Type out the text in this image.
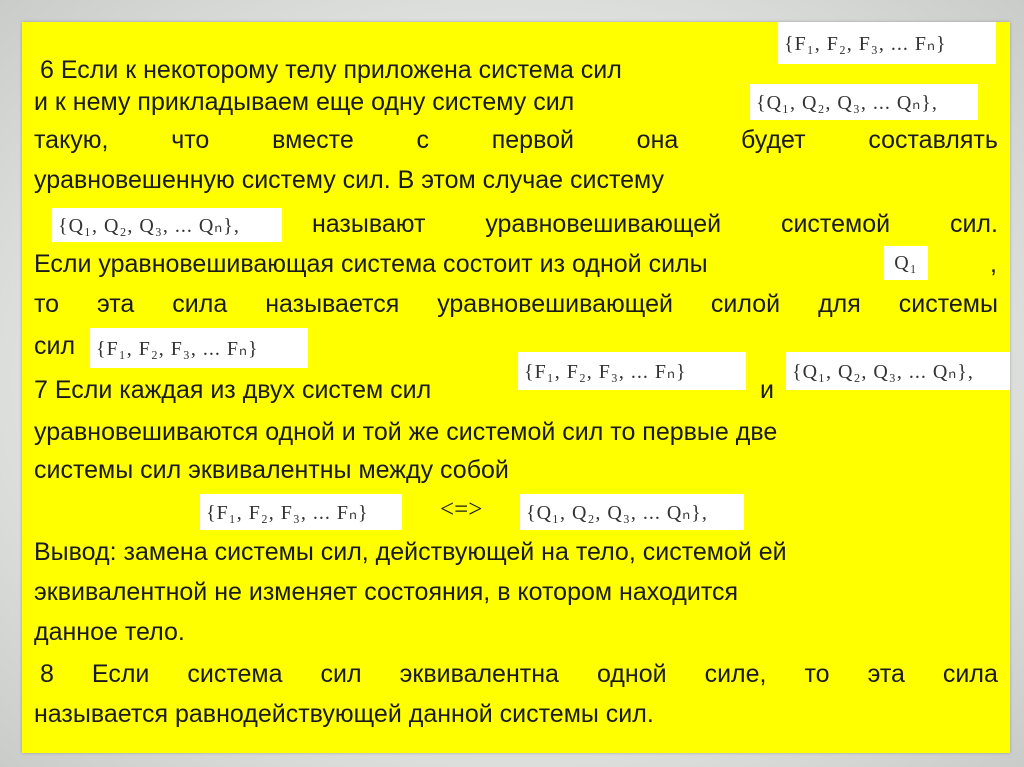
6 Если к некоторому телу приложена система сил
{F₁, F₂, F₃, ... Fₙ}
и к нему прикладываем еще одну систему сил	{Q₁, Q₂, Q₃, ... Qₙ},
такую,	что	вместе	с	первой	она	будет	составлять
уравновешенную систему сил. В этом случае систему
{Q₁, Q₂, Q₃, ... Qₙ},	называют уравновешивающей системой сил.
Если уравновешивающая система состоит из одной силы	Q₁	,
то эта сила называется уравновешивающей силой для системы
сил	{F₁, F₂, F₃, ... Fₙ}
7 Если каждая из двух систем сил
{F₁, F₂, F₃, ... Fₙ}
и
{Q₁, Q₂, Q₃, ... Qₙ},
уравновешиваются одной и той же системой сил то первые две
системы сил эквивалентны между собой
{F₁, F₂, F₃, ... Fₙ}	<=> {Q₁, Q₂, Q₃, ... Qₙ},
Вывод: замена системы сил, действующей на тело, системой ей
эквивалентной не изменяет состояния, в котором находится
данное тело.
8 Если система сил эквивалентна одной силе, то эта сила
называется равнодействующей данной системы сил.
